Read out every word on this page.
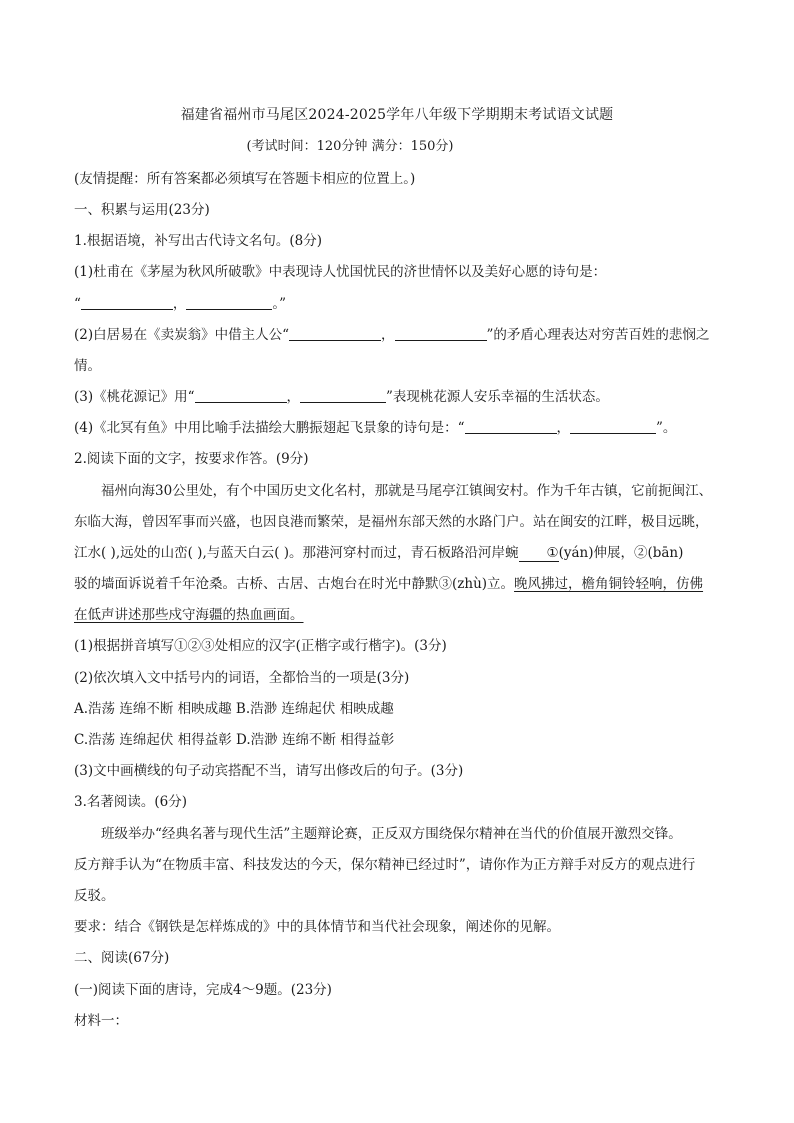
福建省福州市马尾区2024-2025学年八年级下学期期末考试语文试题
(考试时间：120分钟 满分：150分)
(友情提醒：所有答案都必须填写在答题卡相应的位置上。)
一、积累与运用(23分)
1.根据语境，补写出古代诗文名句。(8分)
(1)杜甫在《茅屋为秋风所破歌》中表现诗人忧国忧民的济世情怀以及美好心愿的诗句是：
“	，	。”
(2)白居易在《卖炭翁》中借主人公“	，	”的矛盾心理表达对穷苦百姓的悲悯之
情。
(3)《桃花源记》用“	，	”表现桃花源人安乐幸福的生活状态。
(4)《北冥有鱼》中用比喻手法描绘大鹏振翅起飞景象的诗句是：“	，	”。
2.阅读下面的文字，按要求作答。(9分)
福州向海30公里处，有个中国历史文化名村，那就是马尾亭江镇闽安村。作为千年古镇，它前扼闽江、
东临大海，曾因军事而兴盛，也因良港而繁荣，是福州东部天然的水路门户。站在闽安的江畔，极目远眺，
江水( ),远处的山峦( ),与蓝天白云( )。那港河穿村而过，青石板路沿河岸蜿 ①(yán)伸展，②(bān)
驳的墙面诉说着千年沧桑。古桥、古居、古炮台在时光中静默③(zhù)立。晚风拂过，檐角铜铃轻响，仿佛
在低声讲述那些戍守海疆的热血画面。
(1)根据拼音填写①②③处相应的汉字(正楷字或行楷字)。(3分)
(2)依次填入文中括号内的词语，全都恰当的一项是(3分)
A.浩荡 连绵不断 相映成趣 B.浩渺 连绵起伏 相映成趣
C.浩荡 连绵起伏 相得益彰 D.浩渺 连绵不断 相得益彰
(3)文中画横线的句子动宾搭配不当，请写出修改后的句子。(3分)
3.名著阅读。(6分)
班级举办“经典名著与现代生活”主题辩论赛，正反双方围绕保尔精神在当代的价值展开激烈交锋。
反方辩手认为“在物质丰富、科技发达的今天，保尔精神已经过时”，请你作为正方辩手对反方的观点进行
反驳。
要求：结合《钢铁是怎样炼成的》中的具体情节和当代社会现象，阐述你的见解。
二、阅读(67分)
(一)阅读下面的唐诗，完成4～9题。(23分)
材料一：
